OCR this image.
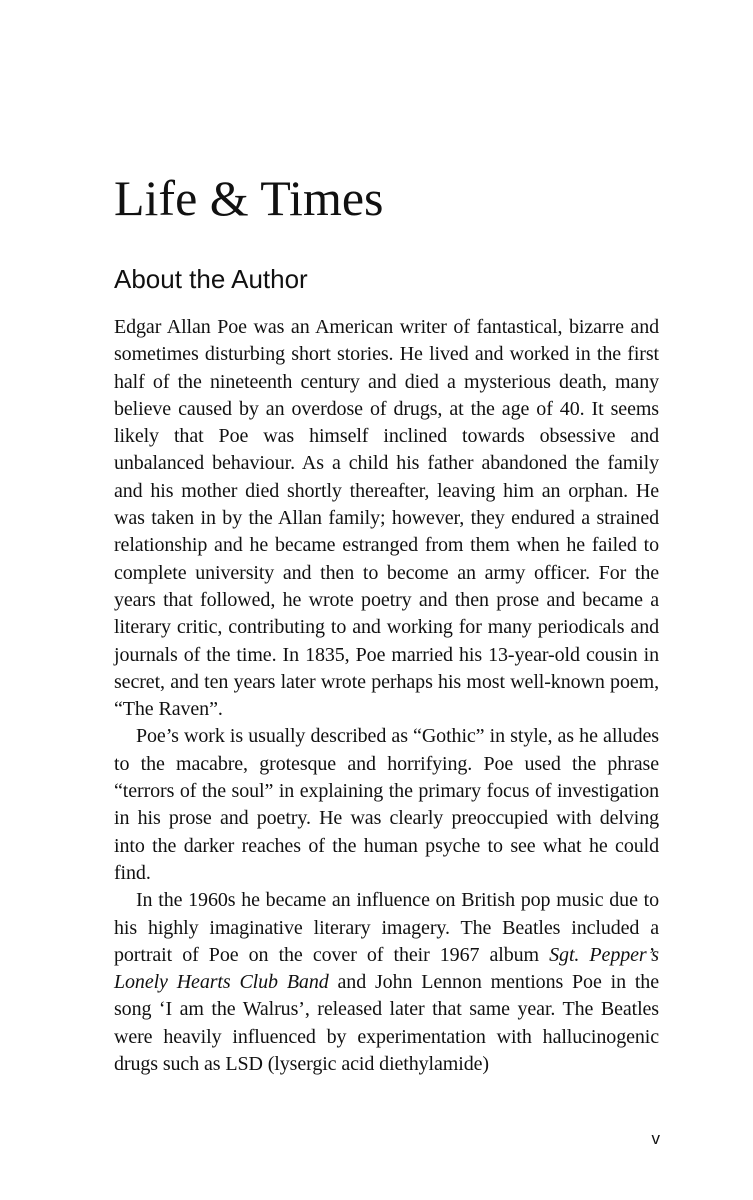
Life & Times
About the Author

Edgar Allan Poe was an American writer of fantastical, bizarre and sometimes disturbing short stories. He lived and worked in the first half of the nineteenth century and died a mysterious death, many believe caused by an overdose of drugs, at the age of 40. It seems likely that Poe was himself inclined towards obsessive and unbalanced behaviour. As a child his father abandoned the family and his mother died shortly thereafter, leaving him an orphan. He was taken in by the Allan family; however, they endured a strained relationship and he became estranged from them when he failed to complete university and then to become an army officer. For the years that followed, he wrote poetry and then prose and became a literary critic, contributing to and working for many periodicals and journals of the time. In 1835, Poe married his 13-year-old cousin in secret, and ten years later wrote perhaps his most well-known poem, “The Raven”.

Poe’s work is usually described as “Gothic” in style, as he alludes to the macabre, grotesque and horrifying. Poe used the phrase “terrors of the soul” in explaining the primary focus of investigation in his prose and poetry. He was clearly preoccupied with delving into the darker reaches of the human psyche to see what he could find.

In the 1960s he became an influence on British pop music due to his highly imaginative literary imagery. The Beatles included a portrait of Poe on the cover of their 1967 album Sgt. Pepper’s Lonely Hearts Club Band and John Lennon mentions Poe in the song ‘I am the Walrus’, released later that same year. The Beatles were heavily influenced by experimentation with hallucinogenic drugs such as LSD (lysergic acid diethylamide)

v
